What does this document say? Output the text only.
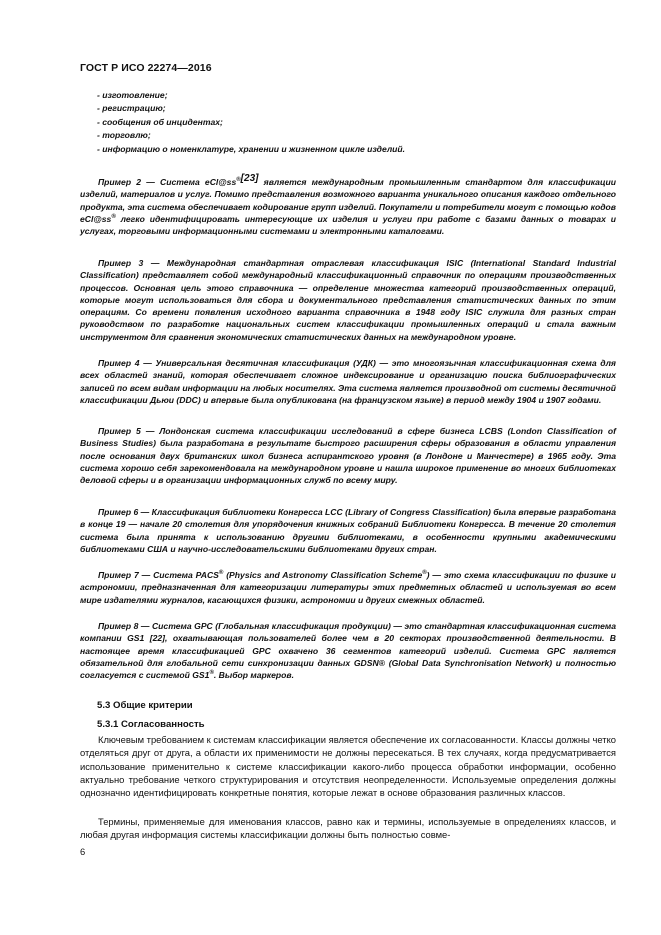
ГОСТ Р ИСО 22274—2016
- изготовление;
- регистрацию;
- сообщения об инцидентах;
- торговлю;
- информацию о номенклатуре, хранении и жизненном цикле изделий.

Пример 2 — Система $eCl@ss^{®[23]}$ является международным промышленным стандартом для классификации изделий, материалов и услуг. Помимо представления возможного варианта уникального описания каждого отдельного продукта, эта система обеспечивает кодирование групп изделий. Покупатели и потребители могут с помощью кодов eCl@ss® легко идентифицировать интересующие их изделия и услуги при работе с базами данных о товарах и услугах, торговыми информационными системами и электронными каталогами.

Пример 3 — Международная стандартная отраслевая классификация ISIC (International Standard Industrial Classification) представляет собой международный классификационный справочник по операциям производственных процессов. Основная цель этого справочника — определение множества категорий производственных операций, которые могут использоваться для сбора и документального представления статистических данных по этим операциям. Со времени появления исходного варианта справочника в 1948 году ISIC служила для разных стран руководством по разработке национальных систем классификации промышленных операций и стала важным инструментом для сравнения экономических статистических данных на международном уровне.

Пример 4 — Универсальная десятичная классификация (УДК) — это многоязычная классификационная схема для всех областей знаний, которая обеспечивает сложное индексирование и организацию поиска библиографических записей по всем видам информации на любых носителях. Эта система является производной от системы десятичной классификации Дьюи (DDC) и впервые была опубликована (на французском языке) в период между 1904 и 1907 годами.

Пример 5 — Лондонская система классификации исследований в сфере бизнеса LCBS (London Classification of Business Studies) была разработана в результате быстрого расширения сферы образования в области управления после основания двух британских школ бизнеса аспирантского уровня (в Лондоне и Манчестере) в 1965 году. Эта система хорошо себя зарекомендовала на международном уровне и нашла широкое применение во многих библиотеках деловой сферы и в организации информационных служб по всему миру.

Пример 6 — Классификация библиотеки Конгресса LCC (Library of Congress Classification) была впервые разработана в конце 19 — начале 20 столетия для упорядочения книжных собраний Библиотеки Конгресса. В течение 20 столетия система была принята к использованию другими библиотеками, в особенности крупными академическими библиотеками США и научно-исследовательскими библиотеками других стран.

Пример 7 — Система PACS® (Physics and Astronomy Classification Scheme®) — это схема классификации по физике и астрономии, предназначенная для категоризации литературы этих предметных областей и используемая во всем мире издателями журналов, касающихся физики, астрономии и других смежных областей.

Пример 8 — Система GPC (Глобальная классификация продукции) — это стандартная классификационная система компании GS1 [22], охватывающая пользователей более чем в 20 секторах производственной деятельности. В настоящее время классификацией GPC охвачено 36 сегментов категорий изделий. Система GPC является обязательной для глобальной сети синхронизации данных GDSN® (Global Data Synchronisation Network) и полностью согласуется с системой GS1®. Выбор маркеров.

5.3 Общие критерии
5.3.1 Согласованность

Ключевым требованием к системам классификации является обеспечение их согласованности. Классы должны четко отделяться друг от друга, а области их применимости не должны пересекаться. В тех случаях, когда предусматривается использование применительно к системе классификации какого-либо процесса обработки информации, особенно актуально требование четкого структурирования и отсутствия неопределенности. Используемые определения должны однозначно идентифицировать конкретные понятия, которые лежат в основе образования различных классов.

Термины, применяемые для именования классов, равно как и термины, используемые в определениях классов, и любая другая информация системы классификации должны быть полностью совме-

6
